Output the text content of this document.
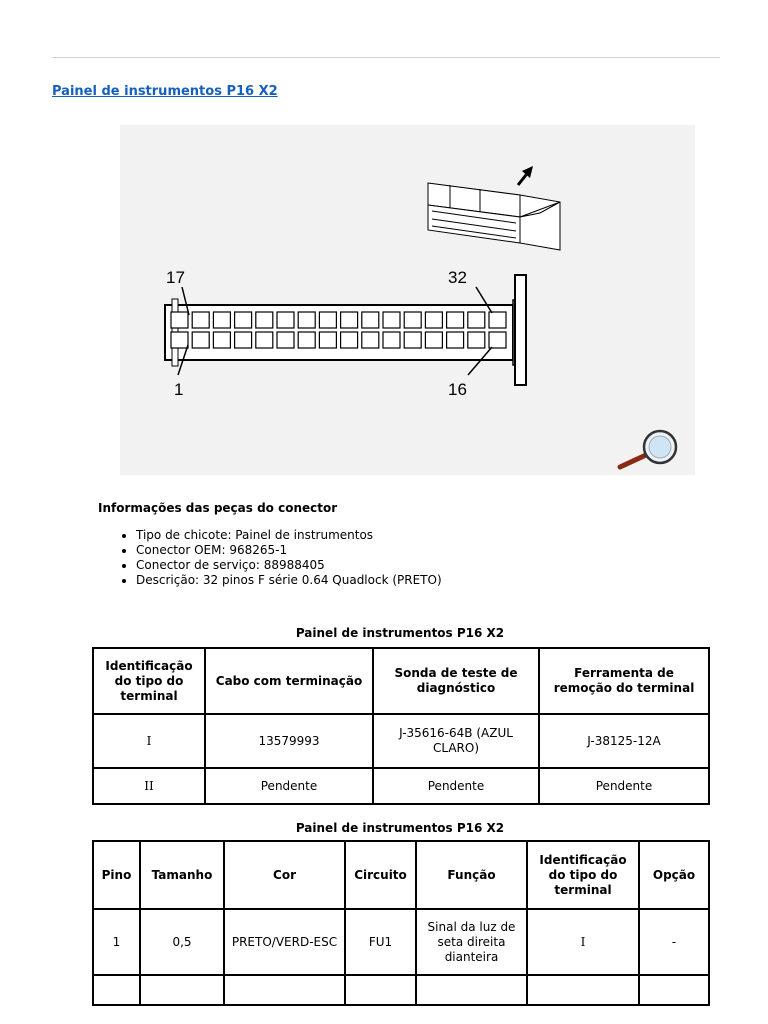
Painel de instrumentos P16 X2
17	32
1	16
Informações das peças do conector
• Tipo de chicote: Painel de instrumentos
• Conector OEM: 968265-1
• Conector de serviço: 88988405
• Descrição: 32 pinos F série 0.64 Quadlock (PRETO)
Painel de instrumentos P16 X2
Identificação do tipo do terminal	Cabo com terminação	Sonda de teste de diagnóstico	Ferramenta de remoção do terminal
I	13579993	J-35616-64B (AZUL CLARO)	J-38125-12A
II	Pendente	Pendente	Pendente
Painel de instrumentos P16 X2
Pino	Tamanho	Cor	Circuito	Função	Identificação do tipo do terminal	Opção
1	0,5	PRETO/VERD-ESC	FU1	Sinal da luz de seta direita dianteira	I	-
